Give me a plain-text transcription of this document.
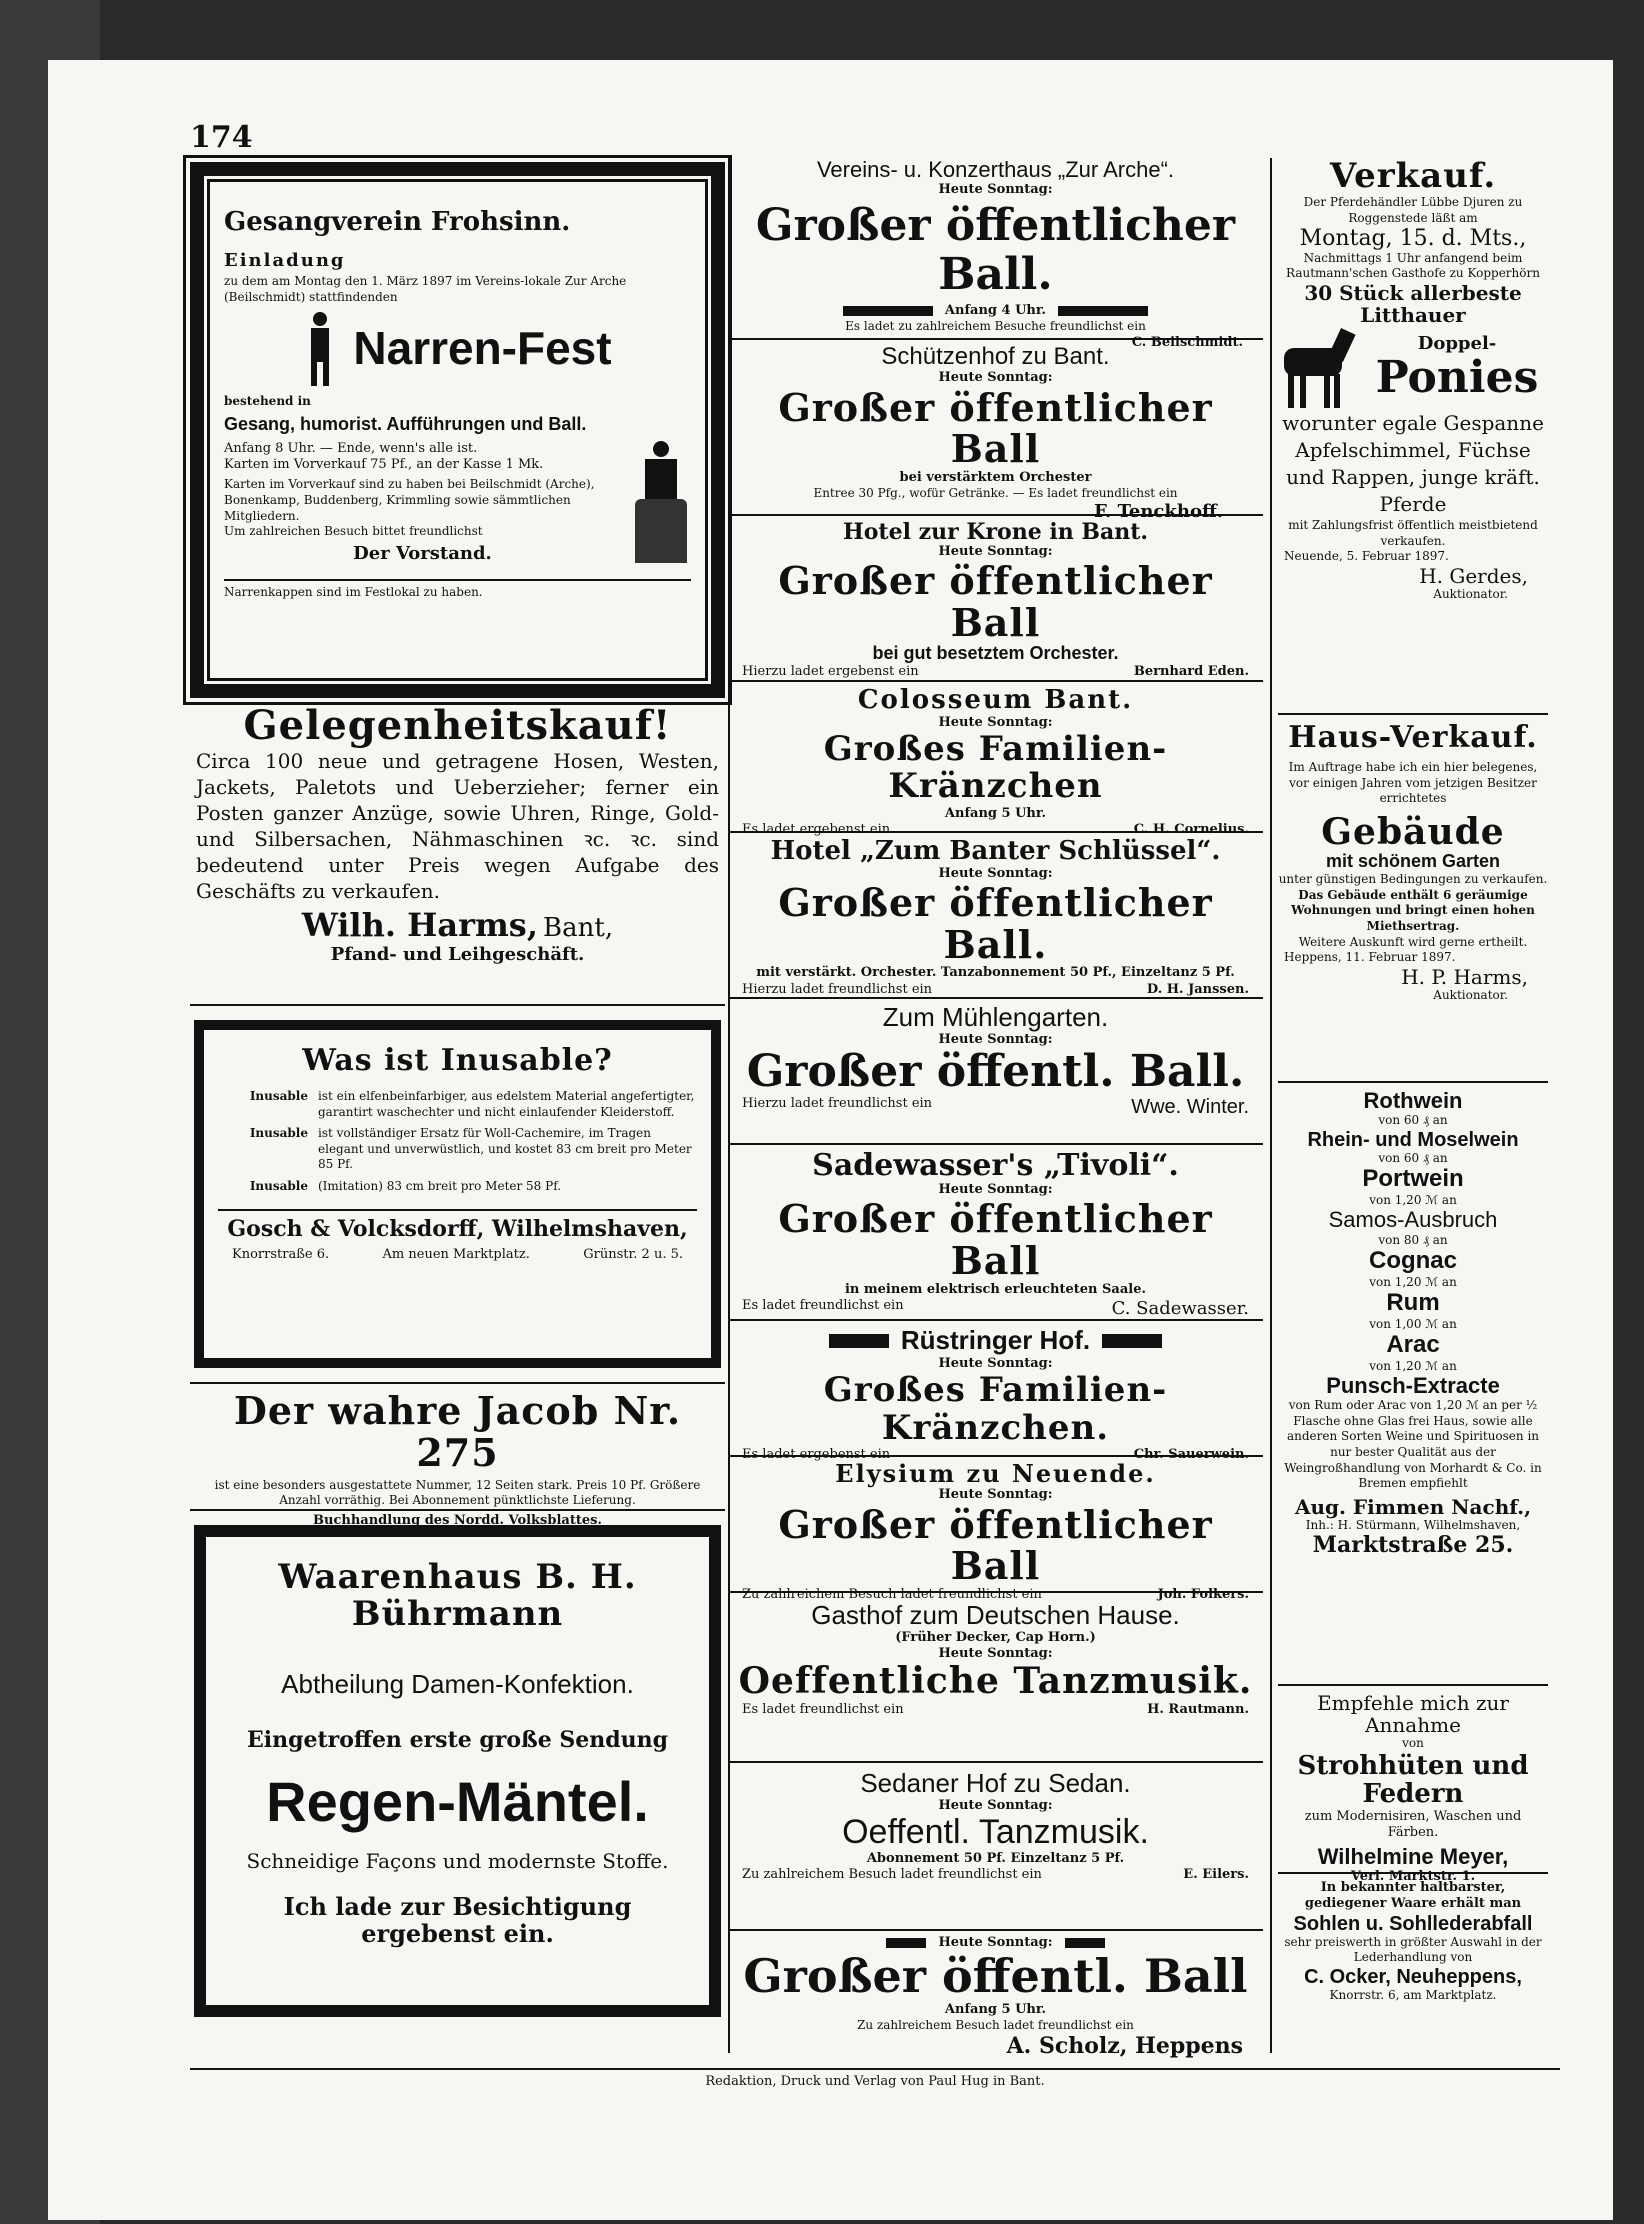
174

Gesangverein Frohsinn.

Einladung

zu dem am Montag den 1. März 1897 im Vereins-lokale Zur Arche (Beilschmidt) stattfindenden

Narren-Fest

bestehend in

Gesang, humorist. Aufführungen und Ball.

Anfang 8 Uhr. — Ende, wenn's alle ist.

Karten im Vorverkauf 75 Pf., an der Kasse 1 Mk.

Karten im Vorverkauf sind zu haben bei Beilschmidt (Arche), Bonenkamp, Buddenberg, Krimmling sowie sämmtlichen Mitgliedern.

Um zahlreichen Besuch bittet freundlichst

Der Vorstand.

Narrenkappen sind im Festlokal zu haben.

Gelegenheitskauf!

Circa 100 neue und getragene Hosen, Westen, Jackets, Paletots und Ueberzieher; ferner ein Posten ganzer Anzüge, sowie Uhren, Ringe, Gold- und Silbersachen, Nähmaschinen ꝛc. ꝛc. sind bedeutend unter Preis wegen Aufgabe des Geschäfts zu verkaufen.

Wilh. Harms, Bant,

Pfand- und Leihgeschäft.

Was ist Inusable?

Inusable ist ein elfenbeinfarbiger, aus edelstem Material angefertigter, garantirt waschechter und nicht einlaufender Kleiderstoff.
Inusable ist vollständiger Ersatz für Woll-Cachemire, im Tragen elegant und unverwüstlich, und kostet 83 cm breit pro Meter 85 Pf.
Inusable (Imitation) 83 cm breit pro Meter 58 Pf.

Gosch & Volcksdorff, Wilhelmshaven,

Knorrstraße 6.	Am neuen Marktplatz.	Grünstr. 2 u. 5.

Der wahre Jacob Nr. 275

ist eine besonders ausgestattete Nummer, 12 Seiten stark. Preis 10 Pf. Größere Anzahl vorräthig. Bei Abonnement pünktlichste Lieferung.

Buchhandlung des Nordd. Volksblattes.

Waarenhaus B. H. Bührmann

Abtheilung Damen-Konfektion.

Eingetroffen erste große Sendung

Regen-Mäntel.

Schneidige Façons und modernste Stoffe.

Ich lade zur Besichtigung ergebenst ein.

Vereins- u. Konzerthaus „Zur Arche“.

Heute Sonntag:

Großer öffentlicher Ball.

Anfang 4 Uhr.

Es ladet zu zahlreichem Besuche freundlichst ein

C. Beilschmidt.

Schützenhof zu Bant.

Heute Sonntag:

Großer öffentlicher Ball

bei verstärktem Orchester

Entree 30 Pfg., wofür Getränke. — Es ladet freundlichst ein

F. Tenckhoff.

Hotel zur Krone in Bant.

Heute Sonntag:

Großer öffentlicher Ball

bei gut besetztem Orchester.

Hierzu ladet ergebenst ein	Bernhard Eden.

Colosseum Bant.

Heute Sonntag:

Großes Familien-Kränzchen

Anfang 5 Uhr.

Es ladet ergebenst ein	C. H. Cornelius.

Hotel „Zum Banter Schlüssel“.

Heute Sonntag:

Großer öffentlicher Ball.

mit verstärkt. Orchester. Tanzabonnement 50 Pf., Einzeltanz 5 Pf.

Hierzu ladet freundlichst ein	D. H. Janssen.

Zum Mühlengarten.

Heute Sonntag:

Großer öffentl. Ball.

Hierzu ladet freundlichst ein	Wwe. Winter.

Sadewasser's „Tivoli“.

Heute Sonntag:

Großer öffentlicher Ball

in meinem elektrisch erleuchteten Saale.

Es ladet freundlichst ein	C. Sadewasser.
Rüstringer Hof.

Heute Sonntag:

Großes Familien-Kränzchen.

Es ladet ergebenst ein	Chr. Sauerwein.

Elysium zu Neuende.

Heute Sonntag:

Großer öffentlicher Ball

Zu zahlreichem Besuch ladet freundlichst ein	Joh. Folkers.

Gasthof zum Deutschen Hause.

(Früher Decker, Cap Horn.)

Heute Sonntag:

Oeffentliche Tanzmusik.

Es ladet freundlichst ein	H. Rautmann.

Sedaner Hof zu Sedan.

Heute Sonntag:

Oeffentl. Tanzmusik.

Abonnement 50 Pf. Einzeltanz 5 Pf.

Zu zahlreichem Besuch ladet freundlichst ein	E. Eilers.
Heute Sonntag:

Großer öffentl. Ball

Anfang 5 Uhr.

Zu zahlreichem Besuch ladet freundlichst ein

A. Scholz, Heppens

Verkauf.

Der Pferdehändler Lübbe Djuren zu Roggenstede läßt am

Montag, 15. d. Mts.,

Nachmittags 1 Uhr anfangend beim Rautmann'schen Gasthofe zu Kopperhörn

30 Stück allerbeste Litthauer

Doppel-

Ponies

worunter egale Gespanne Apfelschimmel, Füchse und Rappen, junge kräft. Pferde

mit Zahlungsfrist öffentlich meistbietend verkaufen.

Neuende, 5. Februar 1897.

H. Gerdes,

Auktionator.

Haus-Verkauf.

Im Auftrage habe ich ein hier belegenes, vor einigen Jahren vom jetzigen Besitzer errichtetes

Gebäude

mit schönem Garten

unter günstigen Bedingungen zu verkaufen.

Das Gebäude enthält 6 geräumige Wohnungen und bringt einen hohen Miethsertrag.

Weitere Auskunft wird gerne ertheilt.

Heppens, 11. Februar 1897.

H. P. Harms,

Auktionator.

Rothwein

von 60 ₰ an

Rhein- und Moselwein

von 60 ₰ an

Portwein

von 1,20 ℳ an

Samos-Ausbruch

von 80 ₰ an

Cognac

von 1,20 ℳ an

Rum

von 1,00 ℳ an

Arac

von 1,20 ℳ an

Punsch-Extracte

von Rum oder Arac von 1,20 ℳ an per ½ Flasche ohne Glas frei Haus, sowie alle anderen Sorten Weine und Spirituosen in nur bester Qualität aus der Weingroßhandlung von Morhardt & Co. in Bremen empfiehlt

Aug. Fimmen Nachf.,

Inh.: H. Stürmann, Wilhelmshaven,

Marktstraße 25.

Empfehle mich zur Annahme

von

Strohhüten und Federn

zum Modernisiren, Waschen und Färben.

Wilhelmine Meyer,

Verl. Marktstr. 1.

In bekannter haltbarster, gediegener Waare erhält man

Sohlen u. Sohllederabfall

sehr preiswerth in größter Auswahl in der Lederhandlung von

C. Ocker, Neuheppens,

Knorrstr. 6, am Marktplatz.

Redaktion, Druck und Verlag von Paul Hug in Bant.
